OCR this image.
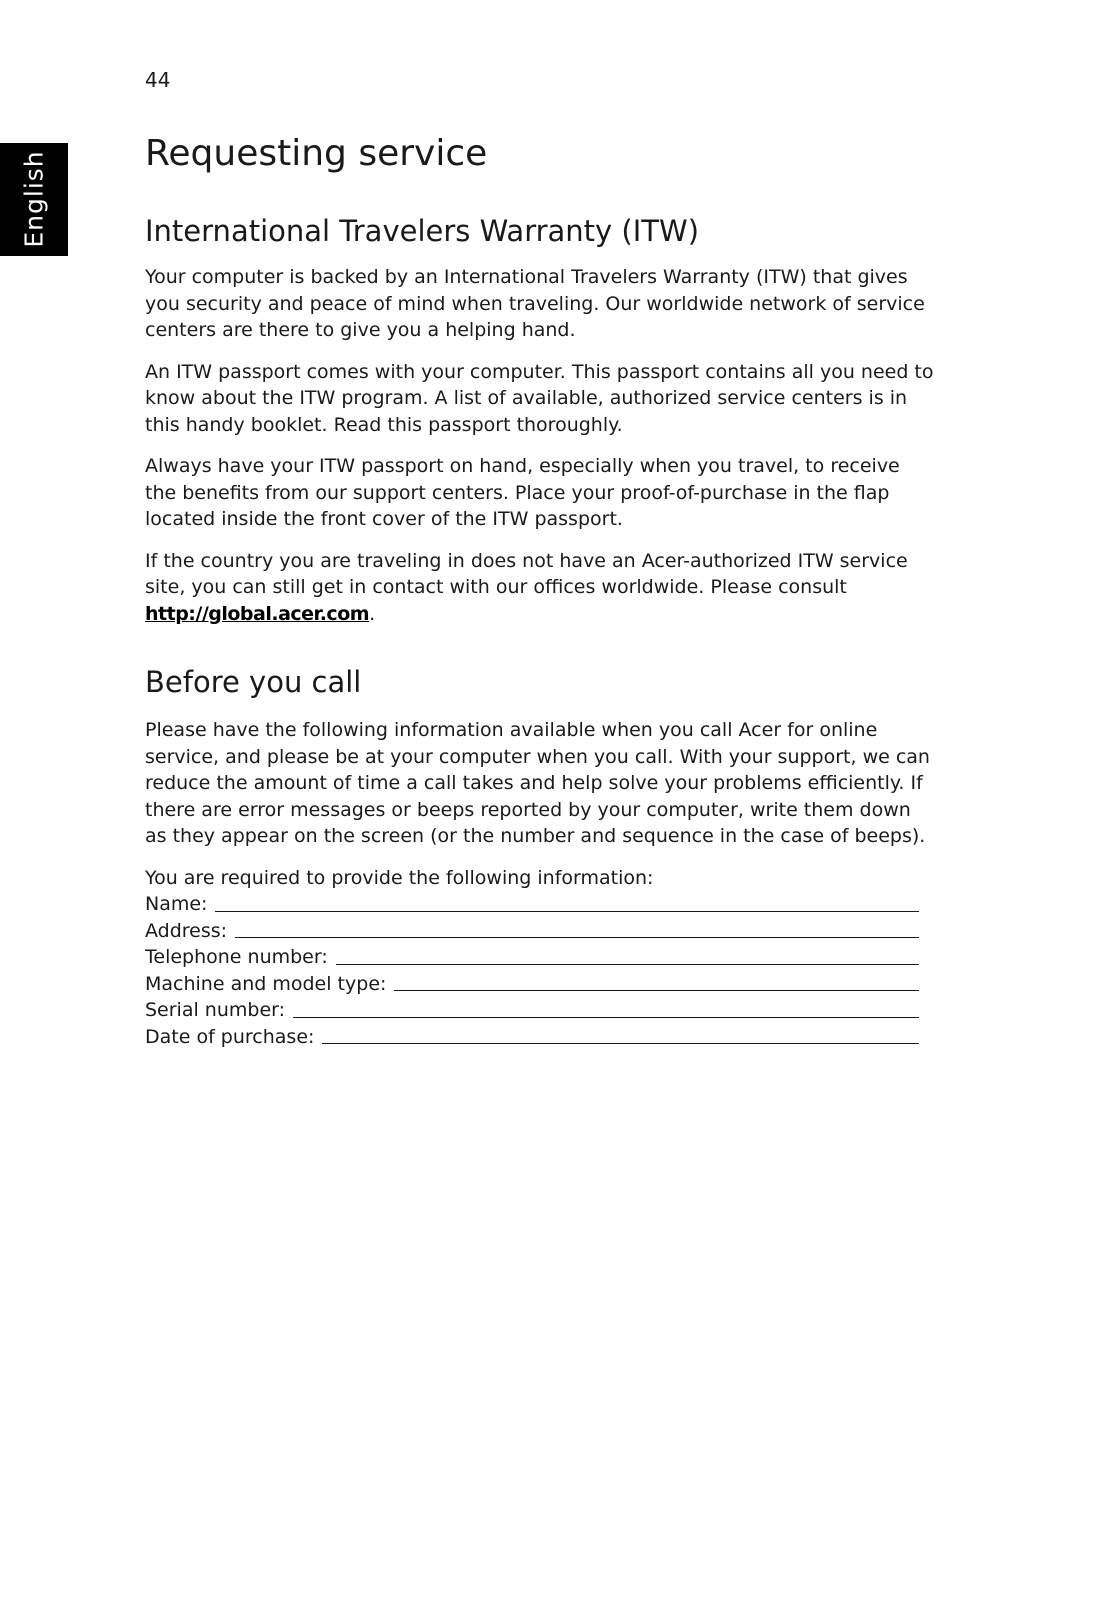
44
English	Requesting service
International Travelers Warranty (ITW)

Your computer is backed by an International Travelers Warranty (ITW) that gives you security and peace of mind when traveling. Our worldwide network of service centers are there to give you a helping hand.

An ITW passport comes with your computer. This passport contains all you need to know about the ITW program. A list of available, authorized service centers is in this handy booklet. Read this passport thoroughly.

Always have your ITW passport on hand, especially when you travel, to receive the benefits from our support centers. Place your proof-of-purchase in the flap located inside the front cover of the ITW passport.

If the country you are traveling in does not have an Acer-authorized ITW service site, you can still get in contact with our offices worldwide. Please consult http://global.acer.com.

Before you call

Please have the following information available when you call Acer for online service, and please be at your computer when you call. With your support, we can reduce the amount of time a call takes and help solve your problems efficiently. If there are error messages or beeps reported by your computer, write them down as they appear on the screen (or the number and sequence in the case of beeps).

You are required to provide the following information:

Name:
Address:
Telephone number:
Machine and model type:
Serial number:
Date of purchase:
